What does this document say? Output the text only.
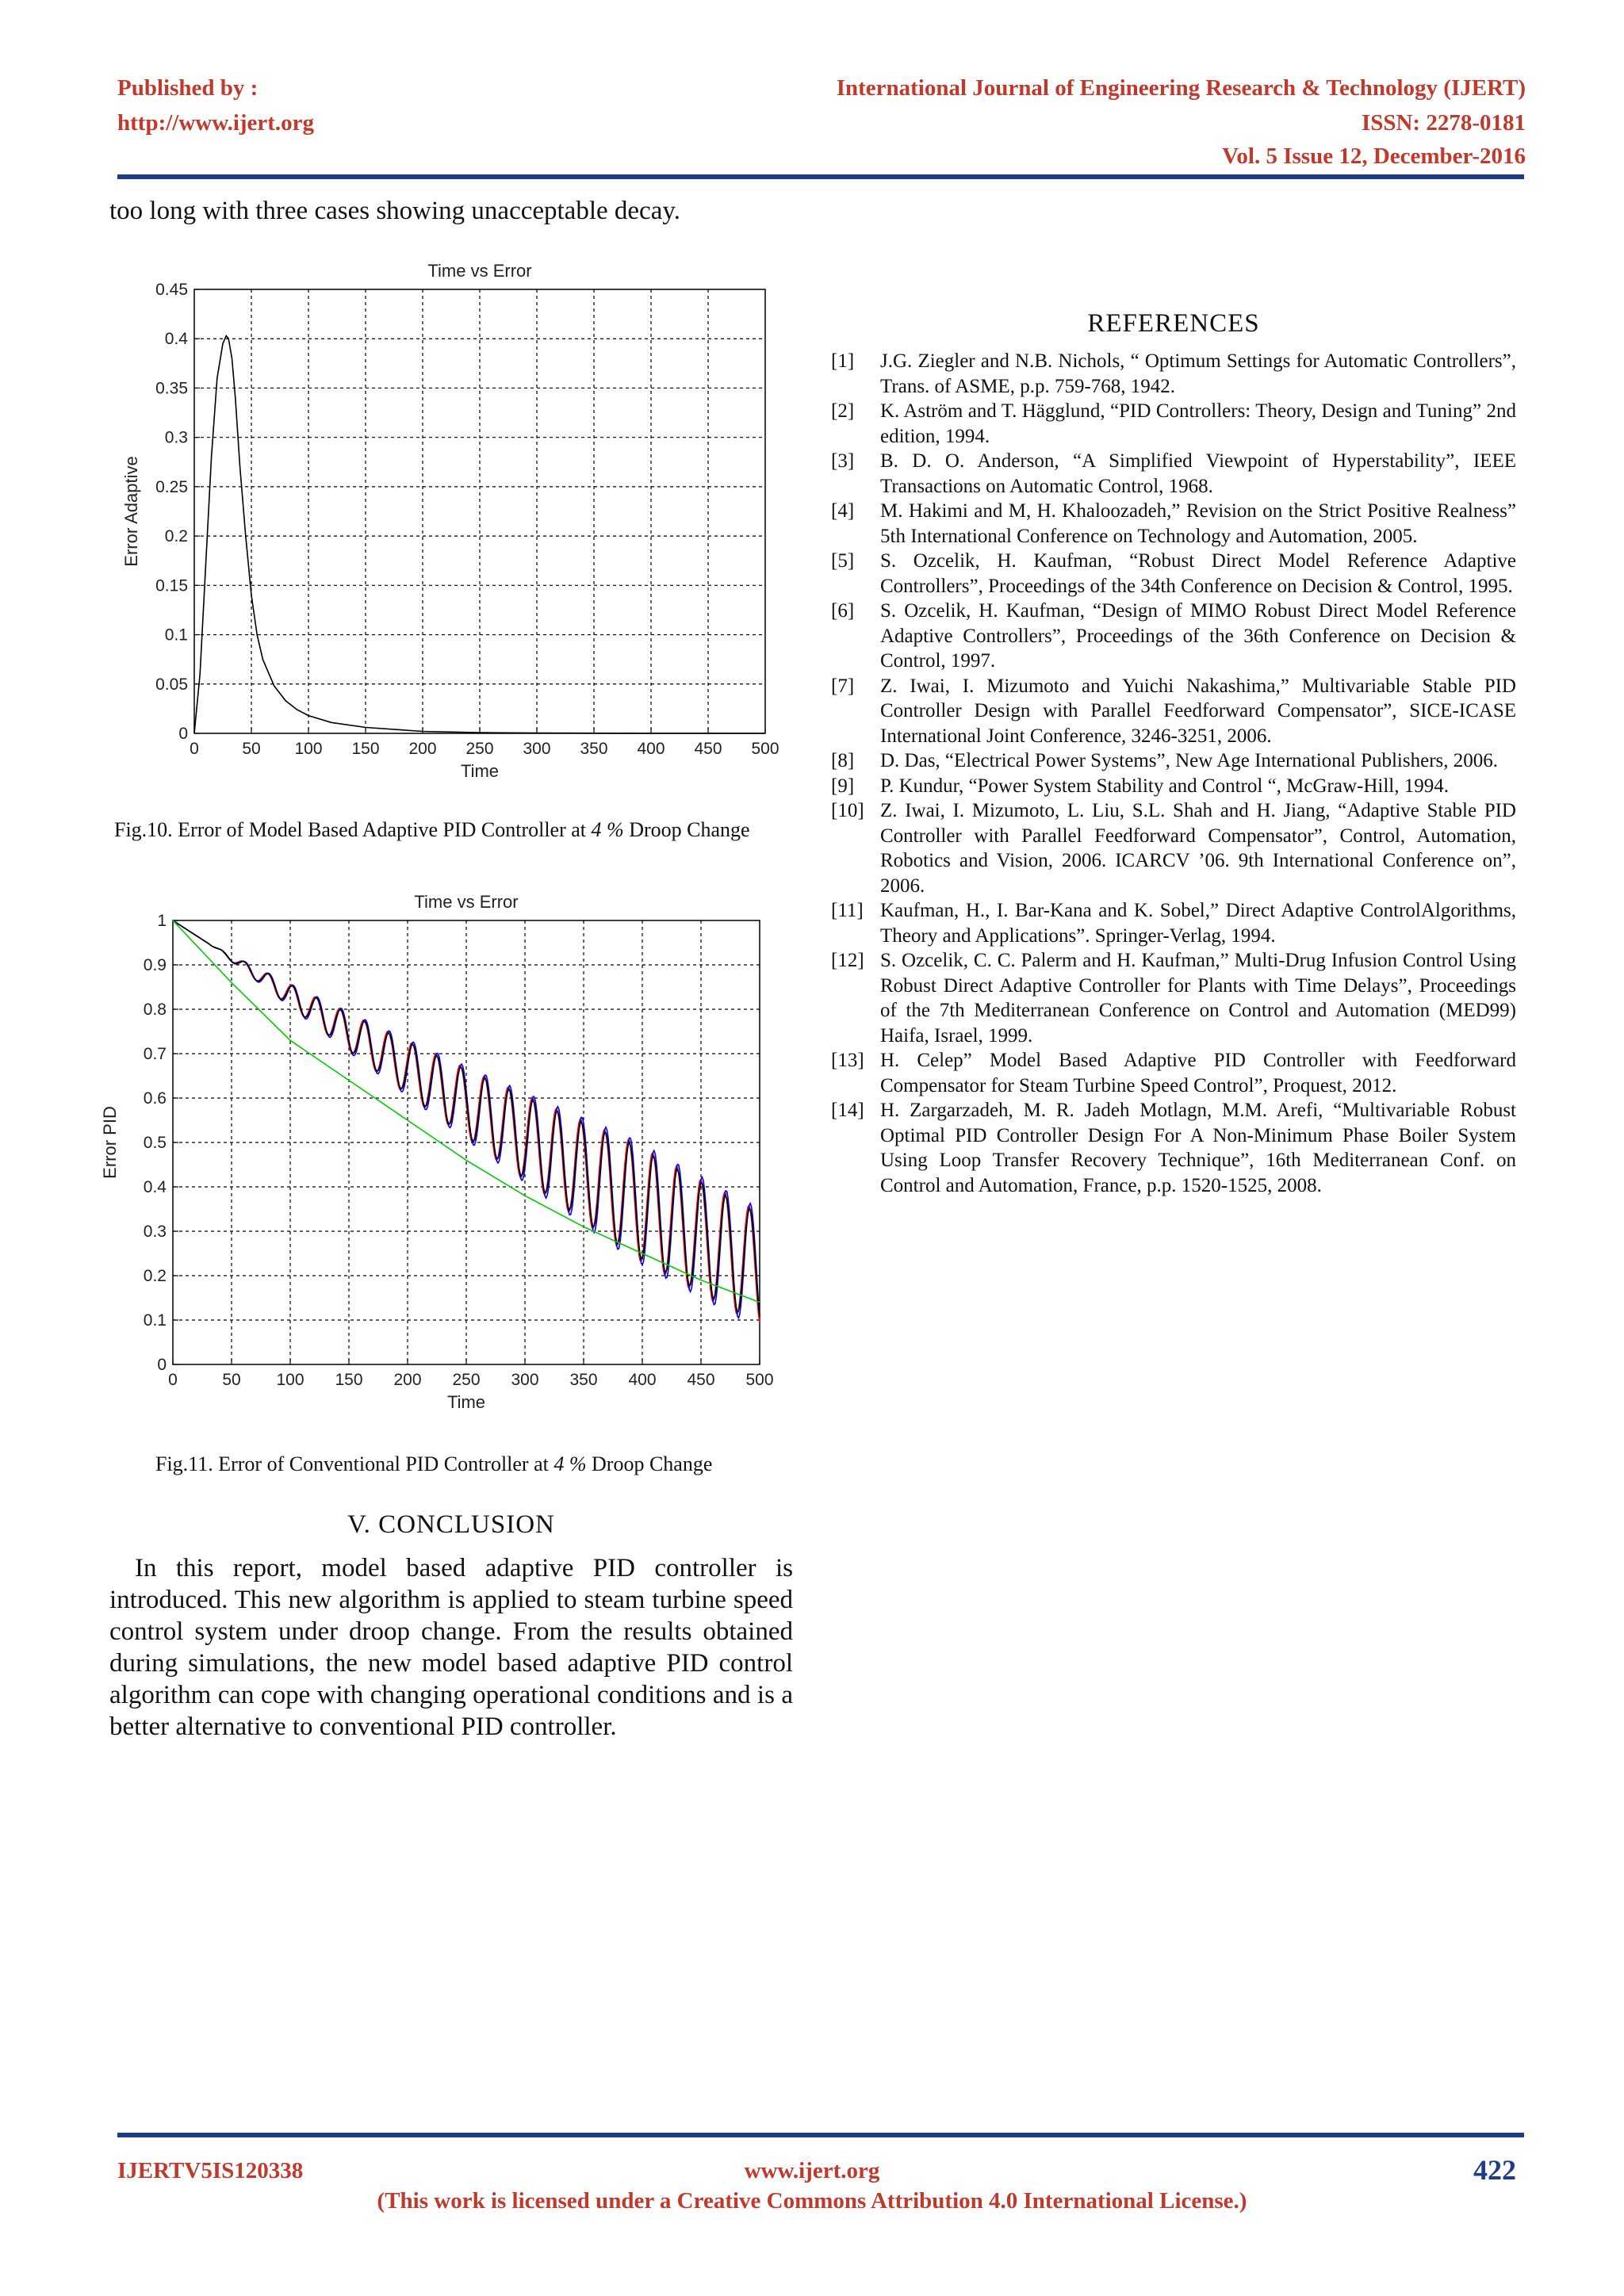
Published by :
http://www.ijert.org
International Journal of Engineering Research & Technology (IJERT)
ISSN: 2278-0181
Vol. 5 Issue 12, December-2016
too long with three cases showing unacceptable decay.
Time vs Error
0	50 100 150 200 250 300 350 400 450 500
0
0.05
0.1
0.15
0.2
0.25
0.3
0.35
0.4
0.45
Time
Error Adaptive
Fig.10. Error of Model Based Adaptive PID Controller at 4 % Droop Change
Time vs Error
0	50 100 150 200 250 300 350 400 450 500
0
0.1
0.2
0.3
0.4
0.5
0.6
0.7
0.8
0.9
1
Time
Error PID
Fig.11. Error of Conventional PID Controller at 4 % Droop Change
V. CONCLUSION
In this report, model based adaptive PID controller is introduced. This new algorithm is applied to steam turbine speed control system under droop change. From the results obtained during simulations, the new model based adaptive PID control algorithm can cope with changing operational conditions and is a better alternative to conventional PID controller.
REFERENCES
[1]	J.G. Ziegler and N.B. Nichols, “ Optimum Settings for Automatic Controllers”, Trans. of ASME, p.p. 759-768, 1942.
[2]	K. Aström and T. Hägglund, “PID Controllers: Theory, Design and Tuning” 2nd edition, 1994.
[3]	B. D. O. Anderson, “A Simplified Viewpoint of Hyperstability”, IEEE Transactions on Automatic Control, 1968.
[4]	M. Hakimi and M, H. Khaloozadeh,” Revision on the Strict Positive Realness” 5th International Conference on Technology and Automation, 2005.
[5]	S. Ozcelik, H. Kaufman, “Robust Direct Model Reference Adaptive Controllers”, Proceedings of the 34th Conference on Decision & Control, 1995.
[6]	S. Ozcelik, H. Kaufman, “Design of MIMO Robust Direct Model Reference Adaptive Controllers”, Proceedings of the 36th Conference on Decision & Control, 1997.
[7]	Z. Iwai, I. Mizumoto and Yuichi Nakashima,” Multivariable Stable PID Controller Design with Parallel Feedforward Compensator”, SICE-ICASE International Joint Conference, 3246-3251, 2006.
[8]	D. Das, “Electrical Power Systems”, New Age International Publishers, 2006.
[9]	P. Kundur, “Power System Stability and Control “, McGraw-Hill, 1994.
[10] Z. Iwai, I. Mizumoto, L. Liu, S.L. Shah and H. Jiang, “Adaptive Stable PID Controller with Parallel Feedforward Compensator”, Control, Automation, Robotics and Vision, 2006. ICARCV ’06. 9th International Conference on”, 2006.
[11] Kaufman, H., I. Bar-Kana and K. Sobel,” Direct Adaptive ControlAlgorithms, Theory and Applications”. Springer-Verlag, 1994.
[12] S. Ozcelik, C. C. Palerm and H. Kaufman,” Multi-Drug Infusion Control Using Robust Direct Adaptive Controller for Plants with Time Delays”, Proceedings of the 7th Mediterranean Conference on Control and Automation (MED99) Haifa, Israel, 1999.
[13] H. Celep” Model Based Adaptive PID Controller with Feedforward Compensator for Steam Turbine Speed Control”, Proquest, 2012.
[14] H. Zargarzadeh, M. R. Jadeh Motlagn, M.M. Arefi, “Multivariable Robust Optimal PID Controller Design For A Non-Minimum Phase Boiler System Using Loop Transfer Recovery Technique”, 16th Mediterranean Conf. on Control and Automation, France, p.p. 1520-1525, 2008.
IJERTV5IS120338	www.ijert.org	422
(This work is licensed under a Creative Commons Attribution 4.0 International License.)
